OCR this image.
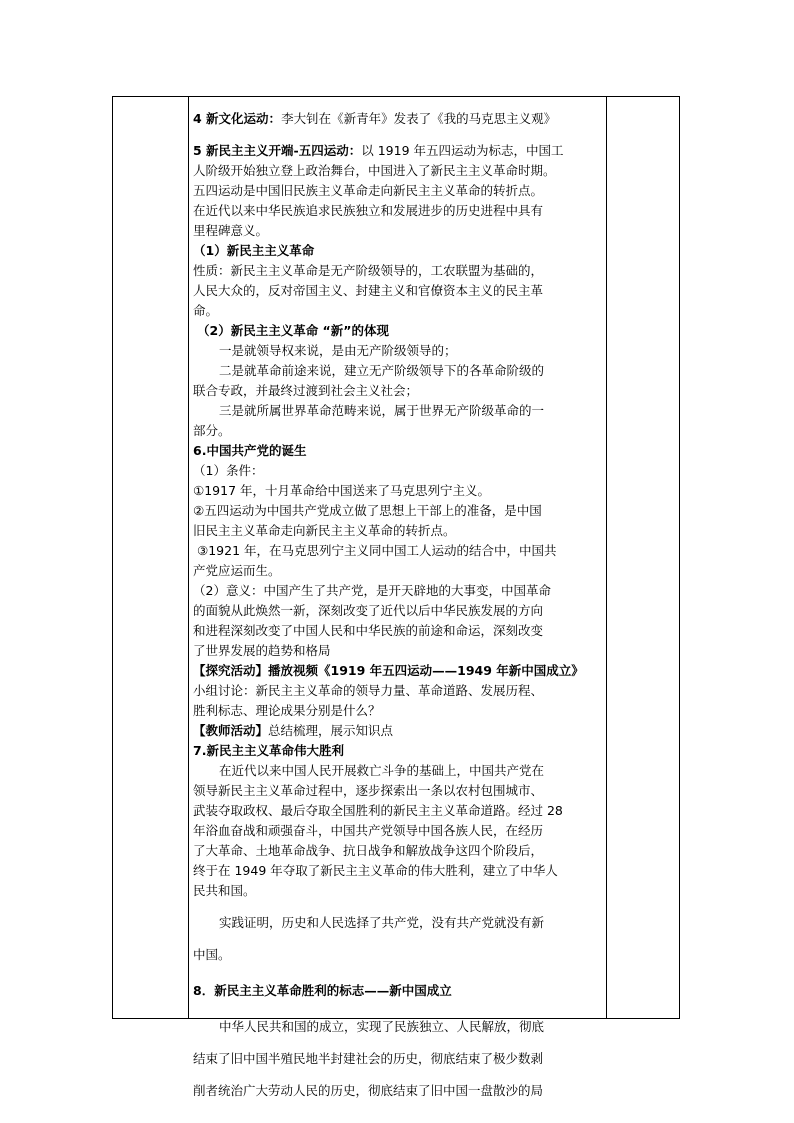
4 新文化运动：李大钊在《新青年》发表了《我的马克思主义观》
5 新民主主义开端-五四运动：以 1919 年五四运动为标志，中国工
人阶级开始独立登上政治舞台，中国进入了新民主主义革命时期。
五四运动是中国旧民族主义革命走向新民主主义革命的转折点。
在近代以来中华民族追求民族独立和发展进步的历史进程中具有
里程碑意义。
（1）新民主主义革命
性质：新民主主义革命是无产阶级领导的，工农联盟为基础的，
人民大众的，反对帝国主义、封建主义和官僚资本主义的民主革
命。
（2）新民主主义革命 “新”的体现
一是就领导权来说，是由无产阶级领导的；
二是就革命前途来说，建立无产阶级领导下的各革命阶级的
联合专政，并最终过渡到社会主义社会；
三是就所属世界革命范畴来说，属于世界无产阶级革命的一
部分。
6.中国共产党的诞生
（1）条件：
①1917 年，十月革命给中国送来了马克思列宁主义。
②五四运动为中国共产党成立做了思想上干部上的准备，是中国
旧民主主义革命走向新民主主义革命的转折点。
③1921 年，在马克思列宁主义同中国工人运动的结合中，中国共
产党应运而生。
（2）意义：中国产生了共产党，是开天辟地的大事变，中国革命
的面貌从此焕然一新，深刻改变了近代以后中华民族发展的方向
和进程深刻改变了中国人民和中华民族的前途和命运，深刻改变
了世界发展的趋势和格局
【探究活动】播放视频《1919 年五四运动——1949 年新中国成立》
小组讨论：新民主主义革命的领导力量、革命道路、发展历程、
胜利标志、理论成果分别是什么？
【教师活动】总结梳理，展示知识点
7.新民主主义革命伟大胜利
在近代以来中国人民开展救亡斗争的基础上，中国共产党在
领导新民主主义革命过程中，逐步探索出一条以农村包围城市、
武装夺取政权、最后夺取全国胜利的新民主主义革命道路。经过 28
年浴血奋战和顽强奋斗，中国共产党领导中国各族人民，在经历
了大革命、土地革命战争、抗日战争和解放战争这四个阶段后，
终于在 1949 年夺取了新民主主义革命的伟大胜利，建立了中华人
民共和国。
实践证明，历史和人民选择了共产党，没有共产党就没有新
中国。
8．新民主主义革命胜利的标志——新中国成立
中华人民共和国的成立，实现了民族独立、人民解放，彻底
结束了旧中国半殖民地半封建社会的历史，彻底结束了极少数剥
削者统治广大劳动人民的历史，彻底结束了旧中国一盘散沙的局
